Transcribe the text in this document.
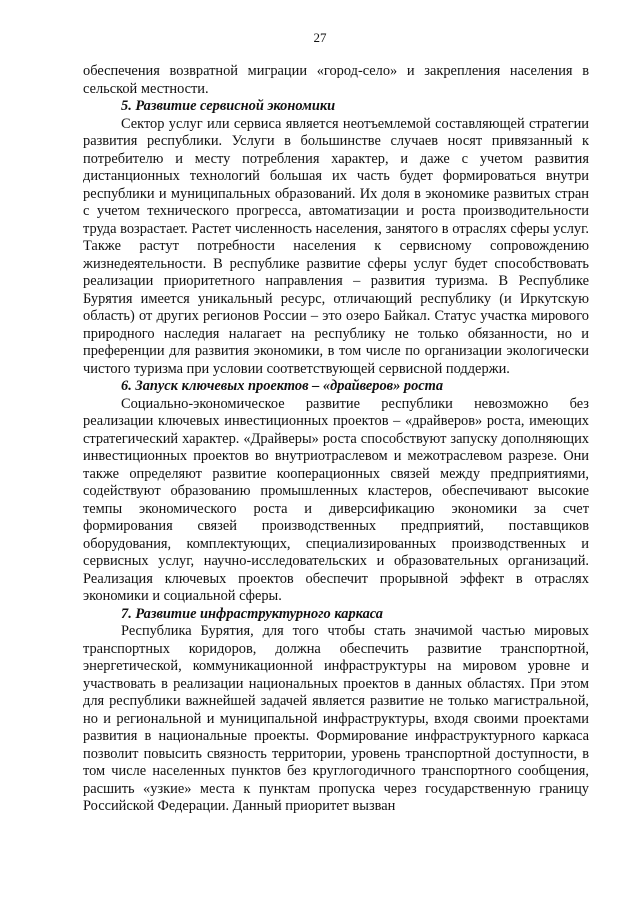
27

обеспечения возвратной миграции «город-село» и закрепления населения в сельской местности.

5. Развитие сервисной экономики

Сектор услуг или сервиса является неотъемлемой составляющей стратегии развития республики. Услуги в большинстве случаев носят привязанный к потребителю и месту потребления характер, и даже с учетом развития дистанционных технологий большая их часть будет формироваться внутри республики и муниципальных образований. Их доля в экономике развитых стран с учетом технического прогресса, автоматизации и роста производительности труда возрастает. Растет численность населения, занятого в отраслях сферы услуг. Также растут потребности населения к сервисному сопровождению жизнедеятельности. В республике развитие сферы услуг будет способствовать реализации приоритетного направления – развития туризма. В Республике Бурятия имеется уникальный ресурс, отличающий республику (и Иркутскую область) от других регионов России – это озеро Байкал. Статус участка мирового природного наследия налагает на республику не только обязанности, но и преференции для развития экономики, в том числе по организации экологически чистого туризма при условии соответствующей сервисной поддержи.

6. Запуск ключевых проектов – «драйверов» роста

Социально-экономическое развитие республики невозможно без реализации ключевых инвестиционных проектов – «драйверов» роста, имеющих стратегический характер. «Драйверы» роста способствуют запуску дополняющих инвестиционных проектов во внутриотраслевом и межотраслевом разрезе. Они также определяют развитие кооперационных связей между предприятиями, содействуют образованию промышленных кластеров, обеспечивают высокие темпы экономического роста и диверсификацию экономики за счет формирования связей производственных предприятий, поставщиков оборудования, комплектующих, специализированных производственных и сервисных услуг, научно-исследовательских и образовательных организаций. Реализация ключевых проектов обеспечит прорывной эффект в отраслях экономики и социальной сферы.

7. Развитие инфраструктурного каркаса

Республика Бурятия, для того чтобы стать значимой частью мировых транспортных коридоров, должна обеспечить развитие транспортной, энергетической, коммуникационной инфраструктуры на мировом уровне и участвовать в реализации национальных проектов в данных областях. При этом для республики важнейшей задачей является развитие не только магистральной, но и региональной и муниципальной инфраструктуры, входя своими проектами развития в национальные проекты. Формирование инфраструктурного каркаса позволит повысить связность территории, уровень транспортной доступности, в том числе населенных пунктов без круглогодичного транспортного сообщения, расшить «узкие» места к пунктам пропуска через государственную границу Российской Федерации. Данный приоритет вызван
